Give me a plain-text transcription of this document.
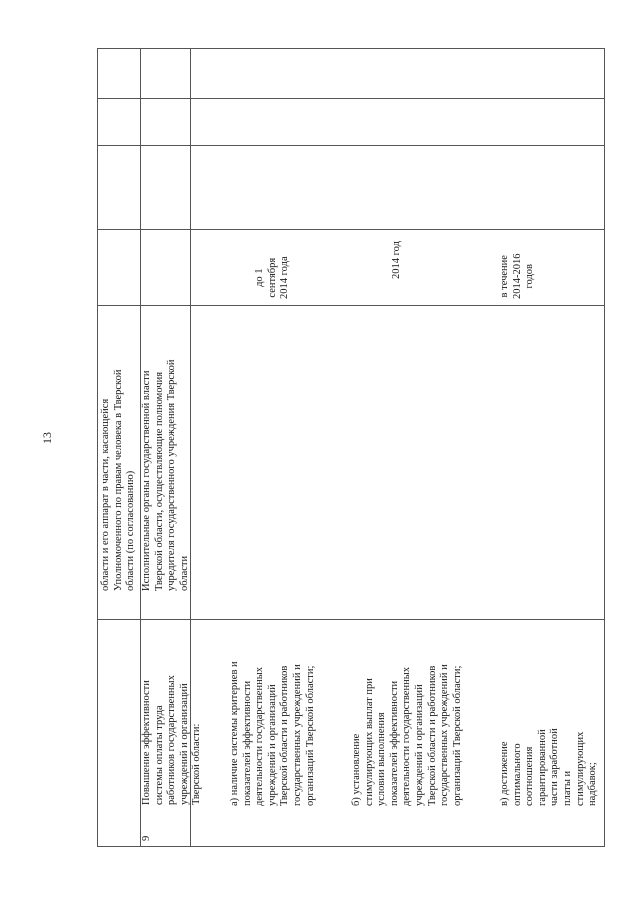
13
области и его аппарат в части, касающейся
Уполномоченного по правам человека в Тверской
области (по согласованию)
9
Повышение эффективности
системы оплаты труда
работников государственных
учреждений и организаций
Тверской области:
а) наличие системы критериев и
показателей эффективности
деятельности государственных
учреждений и организаций
Тверской области и работников
государственных учреждений и
организаций Тверской области;
б) установление
стимулирующих выплат при
условии выполнения
показателей эффективности
деятельности государственных
учреждений и организаций
Тверской области и работников
государственных учреждений и
организаций Тверской области;
в) достижение оптимального
соотношения гарантированной
части заработной платы и
стимулирующих надбавок;
Исполнительные органы государственной власти
Тверской области, осуществляющие полномочия
учредителя государственного учреждения Тверской
области
до 1
сентября
2014 года	2014 год
в течение
2014-2016
годов
